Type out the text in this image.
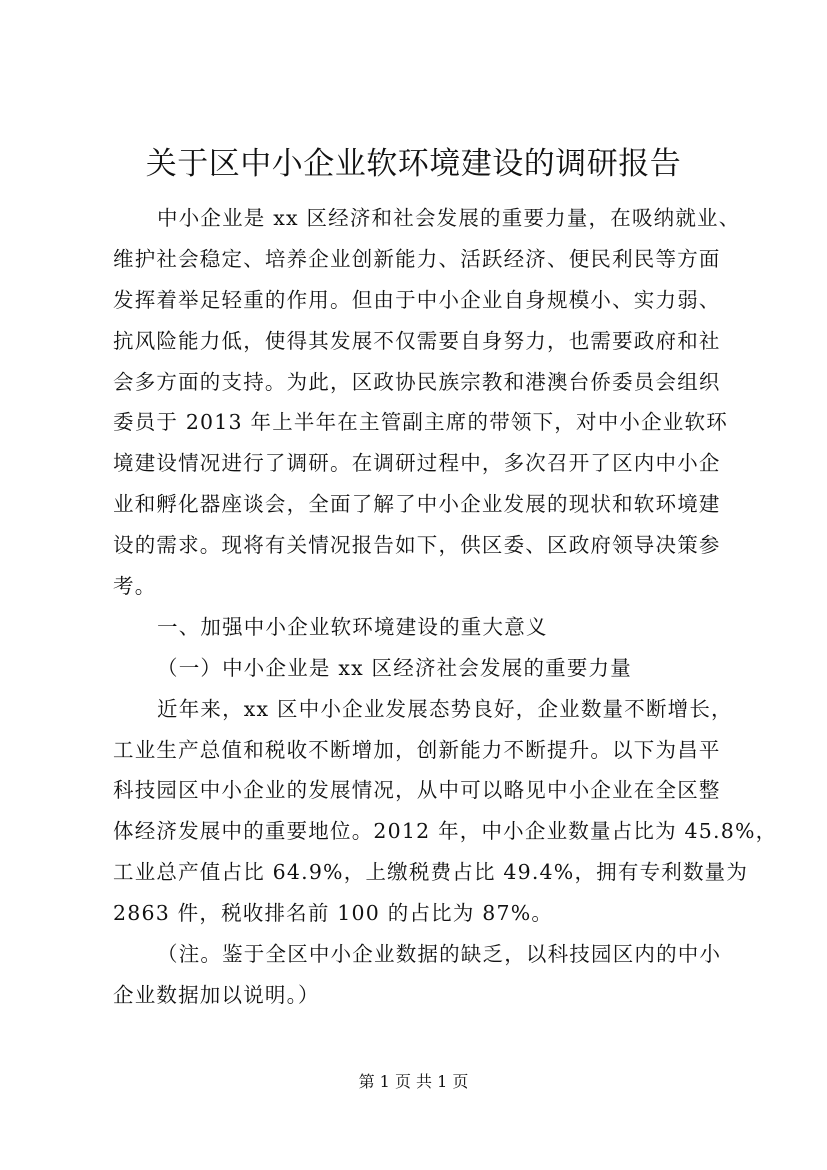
关于区中小企业软环境建设的调研报告
中小企业是 xx 区经济和社会发展的重要力量，在吸纳就业、
维护社会稳定、培养企业创新能力、活跃经济、便民利民等方面
发挥着举足轻重的作用。但由于中小企业自身规模小、实力弱、
抗风险能力低，使得其发展不仅需要自身努力，也需要政府和社
会多方面的支持。为此，区政协民族宗教和港澳台侨委员会组织
委员于 2013 年上半年在主管副主席的带领下，对中小企业软环
境建设情况进行了调研。在调研过程中，多次召开了区内中小企
业和孵化器座谈会，全面了解了中小企业发展的现状和软环境建
设的需求。现将有关情况报告如下，供区委、区政府领导决策参
考。
一、加强中小企业软环境建设的重大意义
（一）中小企业是 xx 区经济社会发展的重要力量
近年来，xx 区中小企业发展态势良好，企业数量不断增长，
工业生产总值和税收不断增加，创新能力不断提升。以下为昌平
科技园区中小企业的发展情况，从中可以略见中小企业在全区整
体经济发展中的重要地位。2012 年，中小企业数量占比为 45.8%，
工业总产值占比 64.9%，上缴税费占比 49.4%，拥有专利数量为
2863 件，税收排名前 100 的占比为 87%。
（注。鉴于全区中小企业数据的缺乏，以科技园区内的中小
企业数据加以说明。）
第 1 页 共 1 页
